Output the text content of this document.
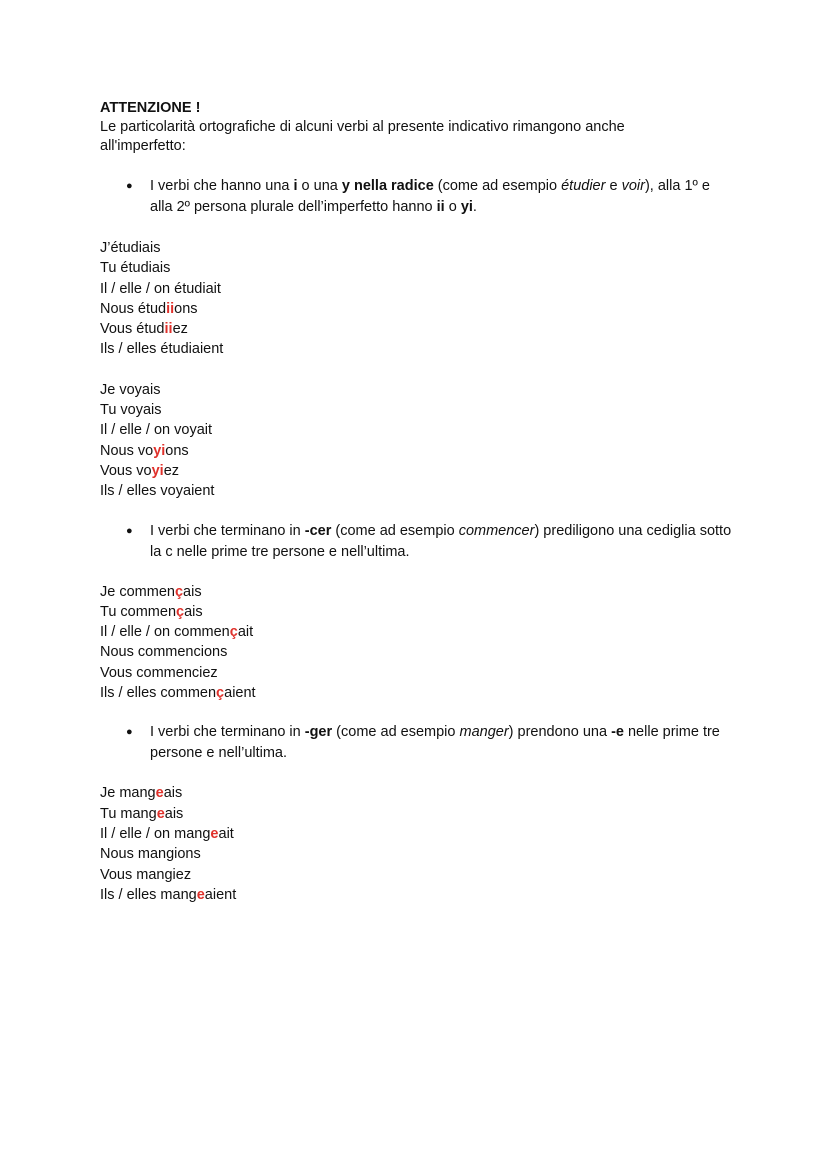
ATTENZIONE !

Le particolarità ortografiche di alcuni verbi al presente indicativo rimangono anche all'imperfetto:

● I verbi che hanno una i o una y nella radice (come ad esempio étudier e voir), alla 1º e alla 2º persona plurale dell’imperfetto hanno ii o yi.
J’étudiais
Tu étudiais
Il / elle / on étudiait
Nous étudiions
Vous étudiiez
Ils / elles étudiaient
Je voyais
Tu voyais
Il / elle / on voyait
Nous voyions
Vous voyiez
Ils / elles voyaient
● I verbi che terminano in -cer (come ad esempio commencer) prediligono una cediglia sotto la c nelle prime tre persone e nell’ultima.
Je commençais
Tu commençais
Il / elle / on commençait
Nous commencions
Vous commenciez
Ils / elles commençaient
● I verbi che terminano in -ger (come ad esempio manger) prendono una -e nelle prime tre persone e nell’ultima.
Je mangeais
Tu mangeais
Il / elle / on mangeait
Nous mangions
Vous mangiez
Ils / elles mangeaient
